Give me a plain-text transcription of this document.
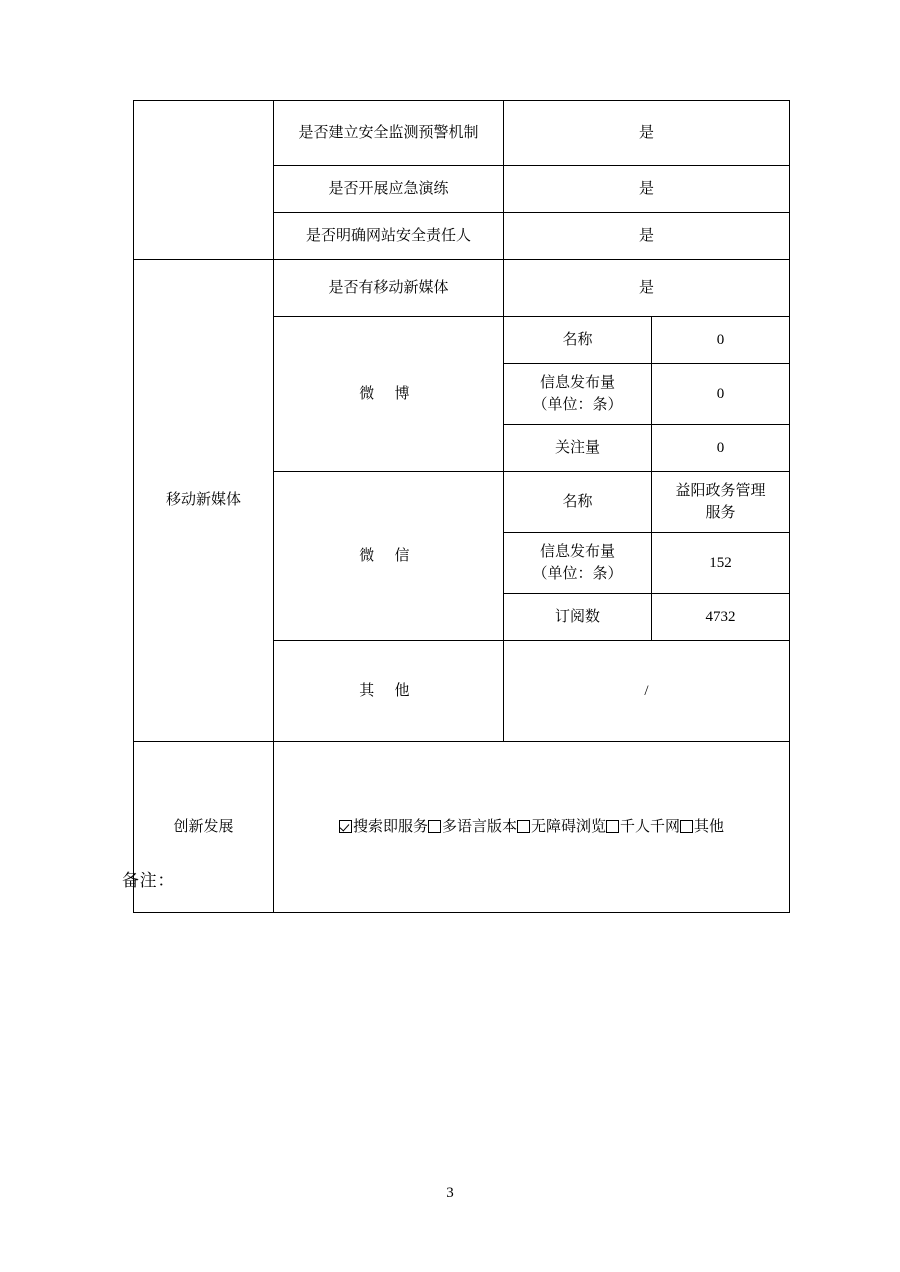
	是否建立安全监测预警机制	是	
	是否开展应急演练	是	
	是否明确网站安全责任人	是	
移动新媒体	是否有移动新媒体	是	
	微 博	名称	0

		信息发布量
（单位：条）	0
		关注量	0
	微 信	名称	益阳政务管理
服务

		信息发布量
（单位：条）	152
		订阅数	4732
	其 他	/	
创新发展	搜索即服务 多语言版本 无障碍浏览 千人千网 其他		
备注：
3
